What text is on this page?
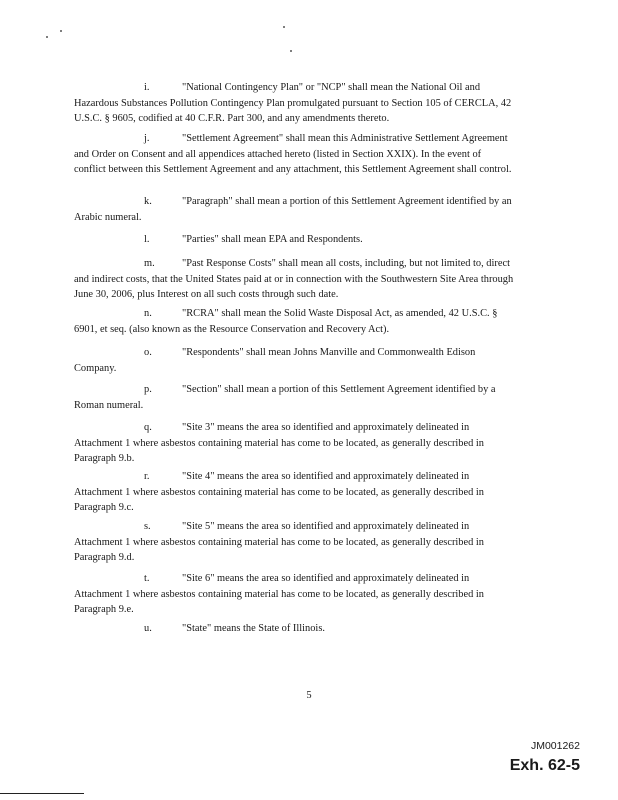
i.	"National Contingency Plan" or "NCP" shall mean the National Oil and Hazardous Substances Pollution Contingency Plan promulgated pursuant to Section 105 of CERCLA, 42 U.S.C. § 9605, codified at 40 C.F.R. Part 300, and any amendments thereto.
j.	"Settlement Agreement" shall mean this Administrative Settlement Agreement and Order on Consent and all appendices attached hereto (listed in Section XXIX). In the event of conflict between this Settlement Agreement and any attachment, this Settlement Agreement shall control.
k.	"Paragraph" shall mean a portion of this Settlement Agreement identified by an Arabic numeral.
l.	"Parties" shall mean EPA and Respondents.
m.	"Past Response Costs" shall mean all costs, including, but not limited to, direct and indirect costs, that the United States paid at or in connection with the Southwestern Site Area through June 30, 2006, plus Interest on all such costs through such date.
n.	"RCRA" shall mean the Solid Waste Disposal Act, as amended, 42 U.S.C. § 6901, et seq. (also known as the Resource Conservation and Recovery Act).
o.	"Respondents" shall mean Johns Manville and Commonwealth Edison Company.
p.	"Section" shall mean a portion of this Settlement Agreement identified by a Roman numeral.
q.	"Site 3" means the area so identified and approximately delineated in Attachment 1 where asbestos containing material has come to be located, as generally described in Paragraph 9.b.
r.	"Site 4" means the area so identified and approximately delineated in Attachment 1 where asbestos containing material has come to be located, as generally described in Paragraph 9.c.
s.	"Site 5" means the area so identified and approximately delineated in Attachment 1 where asbestos containing material has come to be located, as generally described in Paragraph 9.d.
t.	"Site 6" means the area so identified and approximately delineated in Attachment 1 where asbestos containing material has come to be located, as generally described in Paragraph 9.e.
u.	"State" means the State of Illinois.
5
JM001262
Exh. 62-5
